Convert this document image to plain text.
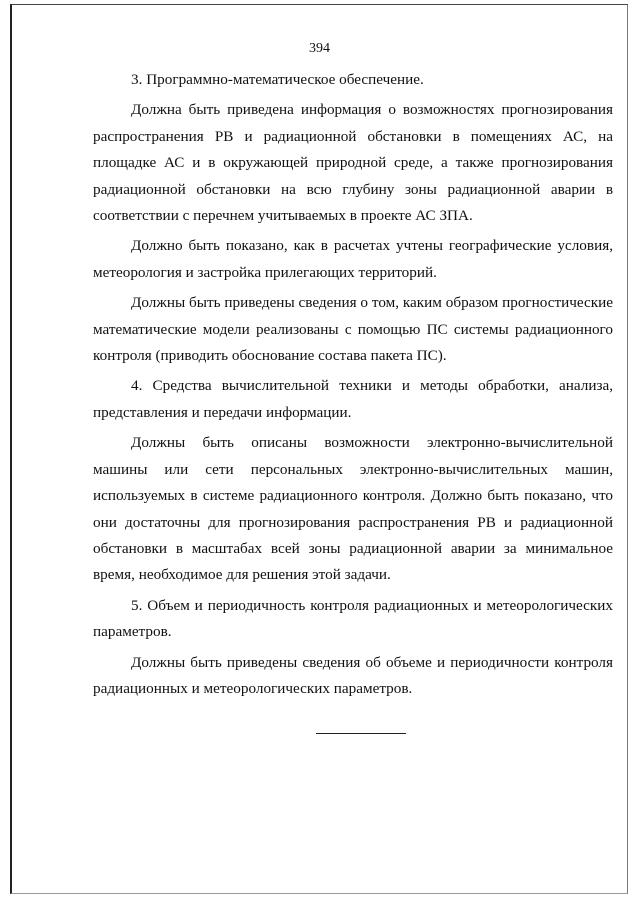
394

3. Программно-математическое обеспечение.

Должна быть приведена информация о возможностях прогнозирования распространения РВ и радиационной обстановки в помещениях АС, на площадке АС и в окружающей природной среде, а также прогнозирования радиационной обстановки на всю глубину зоны радиационной аварии в соответствии с перечнем учитываемых в проекте АС ЗПА.

Должно быть показано, как в расчетах учтены географические условия, метеорология и застройка прилегающих территорий.

Должны быть приведены сведения о том, каким образом прогностические математические модели реализованы с помощью ПС системы радиационного контроля (приводить обоснование состава пакета ПС).

4. Средства вычислительной техники и методы обработки, анализа, представления и передачи информации.

Должны быть описаны возможности электронно-вычислительной машины или сети персональных электронно-вычислительных машин, используемых в системе радиационного контроля. Должно быть показано, что они достаточны для прогнозирования распространения РВ и радиационной обстановки в масштабах всей зоны радиационной аварии за минимальное время, необходимое для решения этой задачи.

5. Объем и периодичность контроля радиационных и метеорологических параметров.

Должны быть приведены сведения об объеме и периодичности контроля радиационных и метеорологических параметров.
